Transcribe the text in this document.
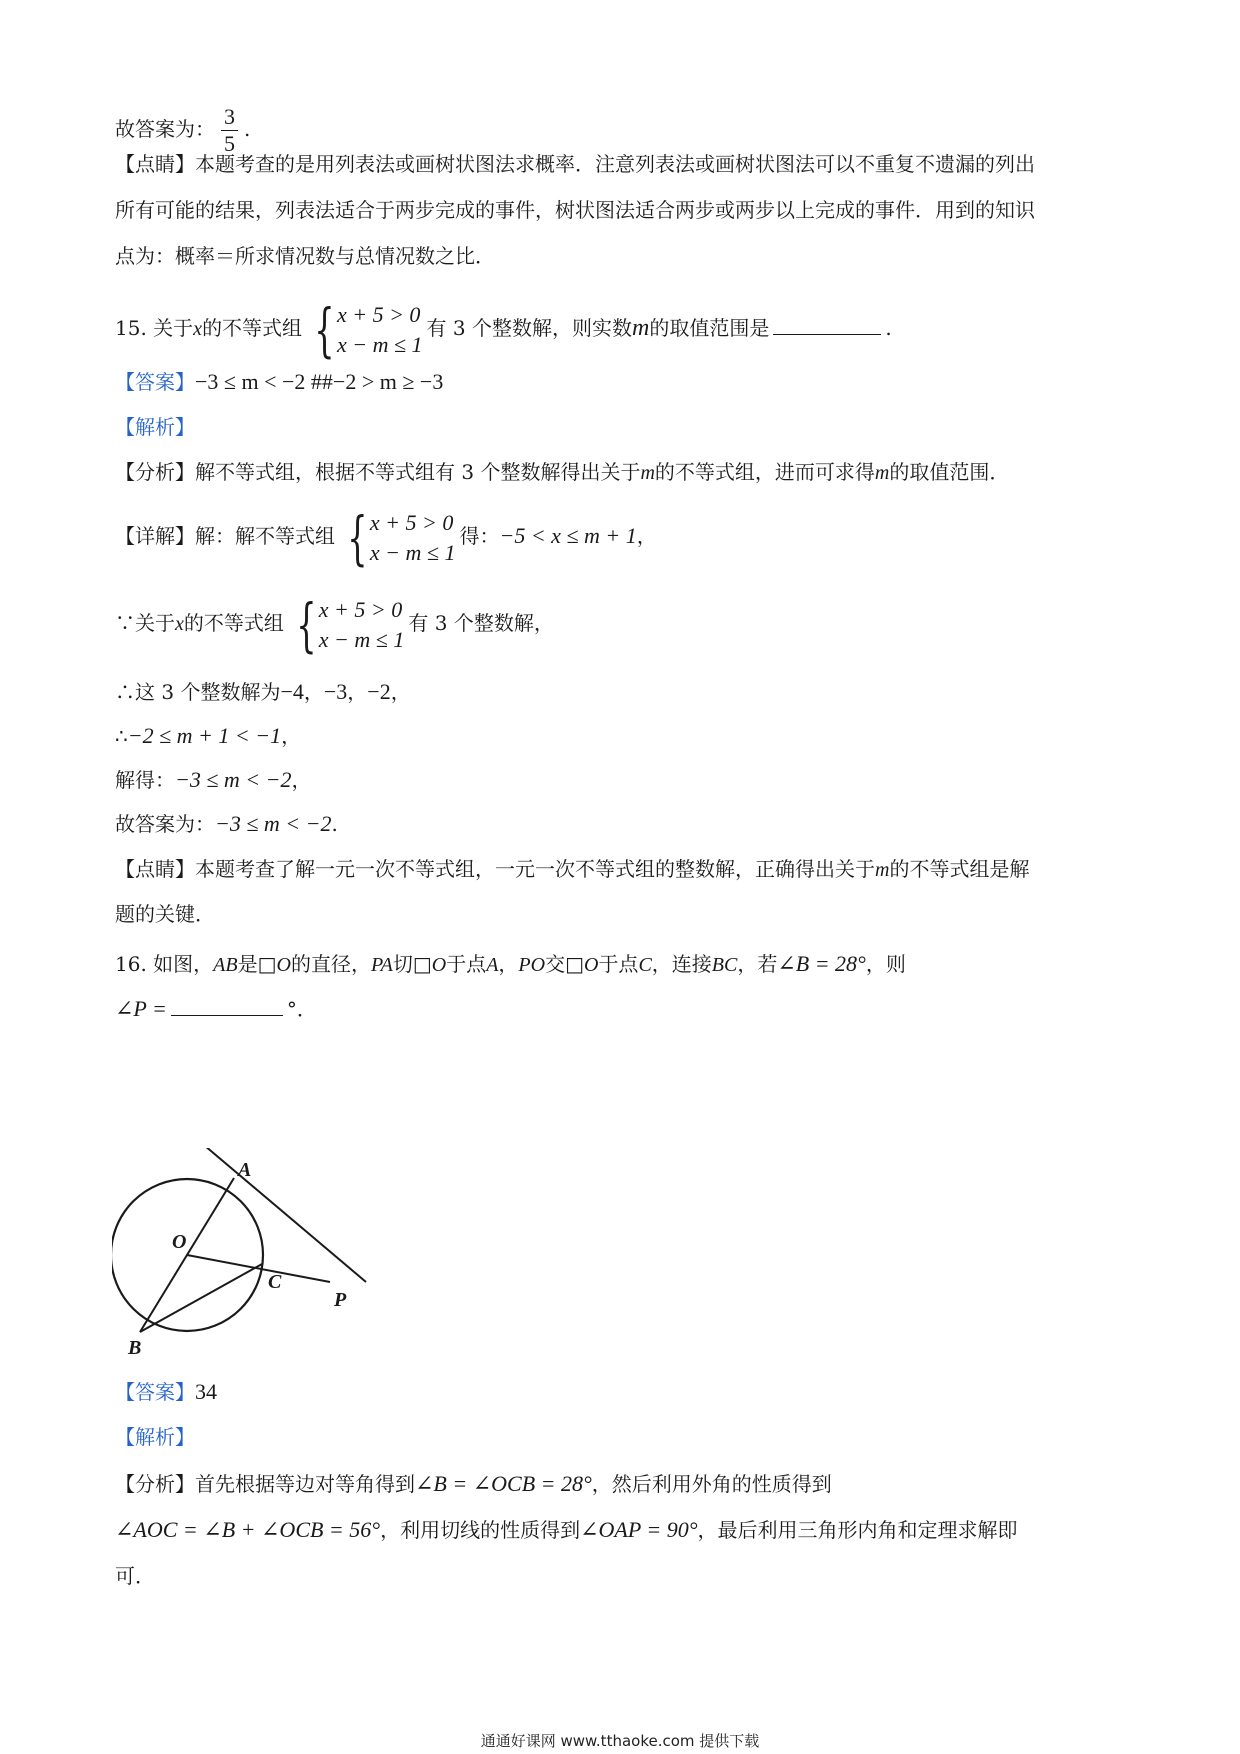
故答案为： $\frac{3}{5}$ .
【点睛】本题考查的是用列表法或画树状图法求概率．注意列表法或画树状图法可以不重复不遗漏的列出
所有可能的结果，列表法适合于两步完成的事件，树状图法适合两步或两步以上完成的事件．用到的知识
点为：概率＝所求情况数与总情况数之比．
15. 关于x的不等式组 { x + 5 > 0
x − m ≤ 1
有 3 个整数解，则实数m的取值范围是	.
【答案】−3 ≤ m < −2 ##−2 > m ≥ −3
【解析】
【分析】解不等式组，根据不等式组有 3 个整数解得出关于m的不等式组，进而可求得m的取值范围．
【详解】解：解不等式组 { x + 5 > 0
x − m ≤ 1
得：−5 < x ≤ m + 1，
∵关于x的不等式组 { x + 5 > 0
x − m ≤ 1
有 3 个整数解，
∴这 3 个整数解为−4，−3，−2，
∴−2 ≤ m + 1 < −1，
解得：−3 ≤ m < −2，
故答案为：−3 ≤ m < −2.
【点睛】本题考查了解一元一次不等式组，一元一次不等式组的整数解，正确得出关于m的不等式组是解
题的关键．
16. 如图，AB是□O的直径，PA切□O于点A，PO交□O于点C，连接BC，若∠B = 28°，则
∠P =	°．
A
O
C
P
B
【答案】34
【解析】
【分析】首先根据等边对等角得到∠B = ∠OCB = 28°，然后利用外角的性质得到
∠AOC = ∠B + ∠OCB = 56°，利用切线的性质得到∠OAP = 90°，最后利用三角形内角和定理求解即
可．
通通好课网 www.tthaoke.com 提供下载
